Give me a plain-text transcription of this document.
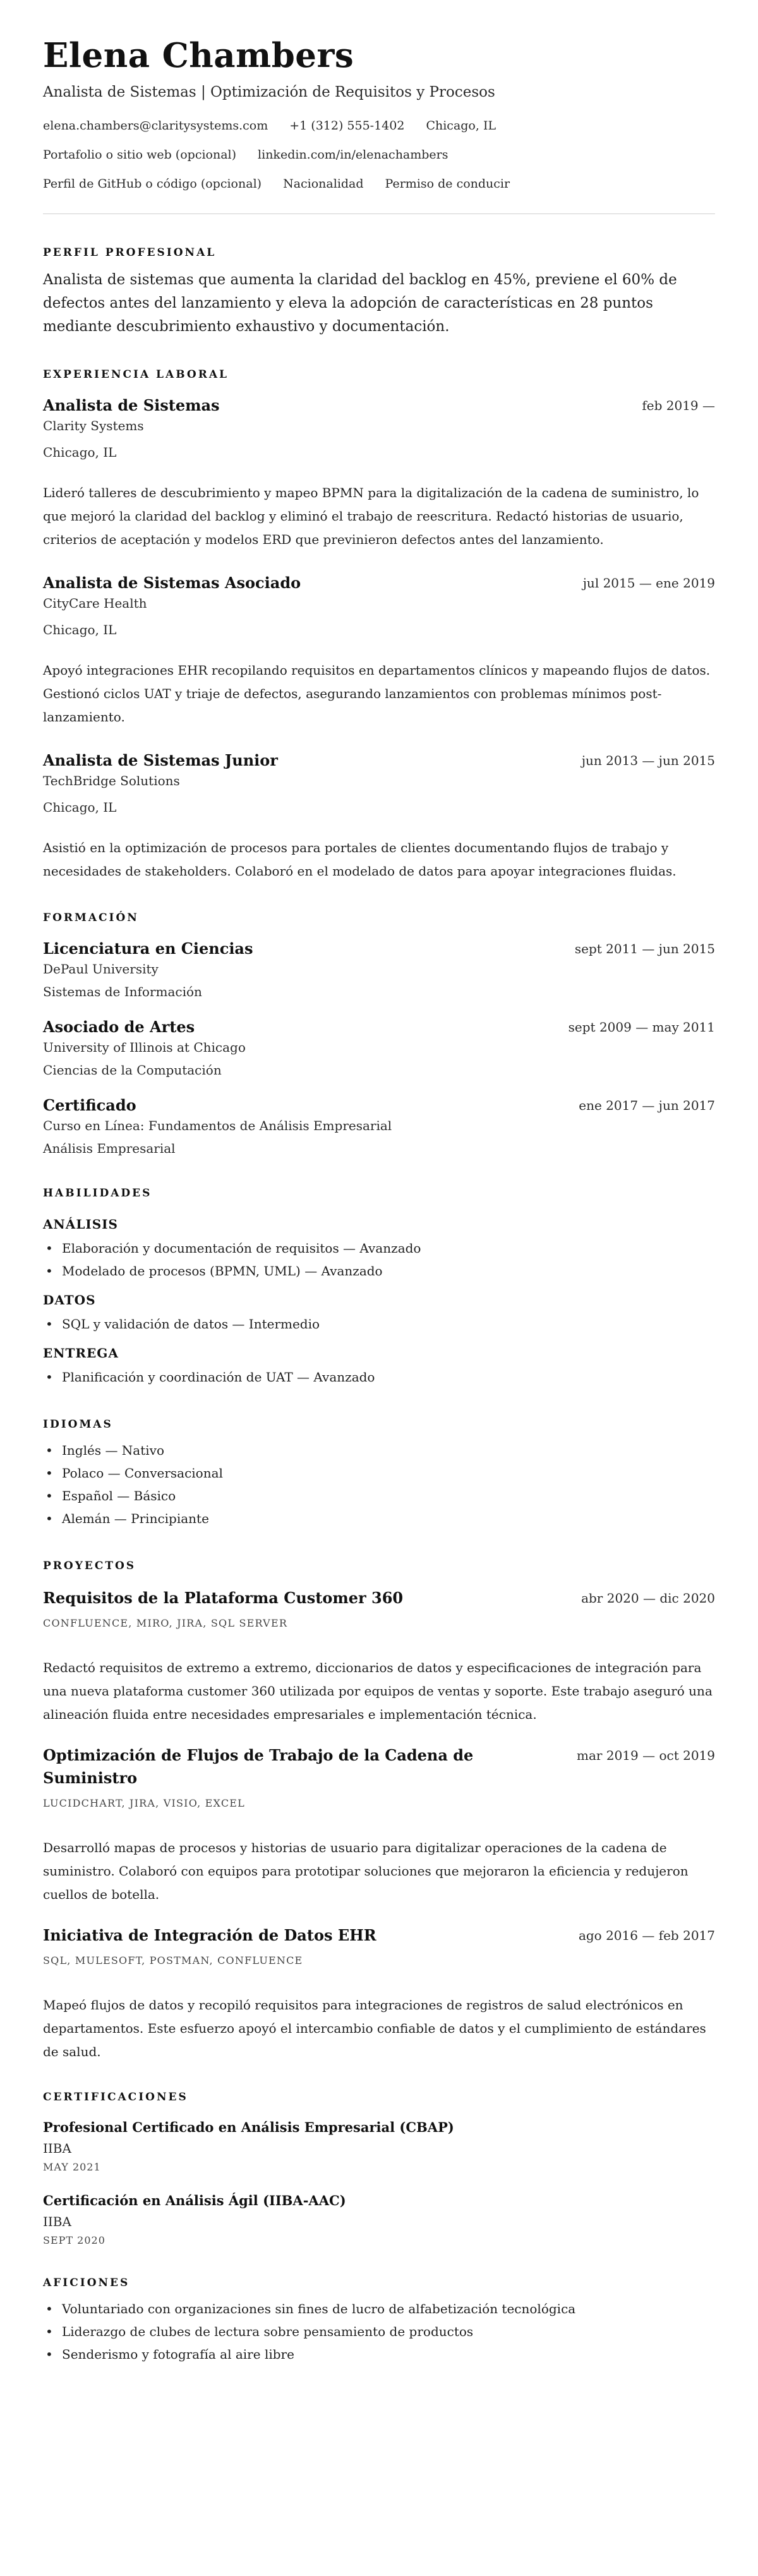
Elena Chambers
Analista de Sistemas | Optimización de Requisitos y Procesos
elena.chambers@claritysystems.com +1 (312) 555-1402 Chicago, IL
Portafolio o sitio web (opcional) linkedin.com/in/elenachambers
Perfil de GitHub o código (opcional) Nacionalidad Permiso de conducir
PERFIL PROFESIONAL

Analista de sistemas que aumenta la claridad del backlog en 45%, previene el 60% de defectos antes del lanzamiento y eleva la adopción de características en 28 puntos mediante descubrimiento exhaustivo y documentación.

EXPERIENCIA LABORAL
Analista de Sistemas	feb 2019 —
Clarity Systems
Chicago, IL

Lideró talleres de descubrimiento y mapeo BPMN para la digitalización de la cadena de suministro, lo que mejoró la claridad del backlog y eliminó el trabajo de reescritura. Redactó historias de usuario, criterios de aceptación y modelos ERD que previnieron defectos antes del lanzamiento.

Analista de Sistemas Asociado	jul 2015 — ene 2019
CityCare Health
Chicago, IL

Apoyó integraciones EHR recopilando requisitos en departamentos clínicos y mapeando flujos de datos. Gestionó ciclos UAT y triaje de defectos, asegurando lanzamientos con problemas mínimos post-lanzamiento.

Analista de Sistemas Junior	jun 2013 — jun 2015
TechBridge Solutions
Chicago, IL

Asistió en la optimización de procesos para portales de clientes documentando flujos de trabajo y necesidades de stakeholders. Colaboró en el modelado de datos para apoyar integraciones fluidas.

FORMACIÓN
Licenciatura en Ciencias	sept 2011 — jun 2015
DePaul University
Sistemas de Información
Asociado de Artes	sept 2009 — may 2011
University of Illinois at Chicago
Ciencias de la Computación
Certificado	ene 2017 — jun 2017
Curso en Línea: Fundamentos de Análisis Empresarial
Análisis Empresarial
HABILIDADES
ANÁLISIS
• Elaboración y documentación de requisitos — Avanzado
• Modelado de procesos (BPMN, UML) — Avanzado
DATOS
• SQL y validación de datos — Intermedio
ENTREGA
• Planificación y coordinación de UAT — Avanzado
IDIOMAS
• Inglés — Nativo
• Polaco — Conversacional
• Español — Básico
• Alemán — Principiante
PROYECTOS
Requisitos de la Plataforma Customer 360	abr 2020 — dic 2020
CONFLUENCE, MIRO, JIRA, SQL SERVER

Redactó requisitos de extremo a extremo, diccionarios de datos y especificaciones de integración para una nueva plataforma customer 360 utilizada por equipos de ventas y soporte. Este trabajo aseguró una alineación fluida entre necesidades empresariales e implementación técnica.

Optimización de Flujos de Trabajo de la Cadena de Suministro
mar 2019 — oct 2019
LUCIDCHART, JIRA, VISIO, EXCEL

Desarrolló mapas de procesos y historias de usuario para digitalizar operaciones de la cadena de suministro. Colaboró con equipos para prototipar soluciones que mejoraron la eficiencia y redujeron cuellos de botella.

Iniciativa de Integración de Datos EHR	ago 2016 — feb 2017
SQL, MULESOFT, POSTMAN, CONFLUENCE

Mapeó flujos de datos y recopiló requisitos para integraciones de registros de salud electrónicos en departamentos. Este esfuerzo apoyó el intercambio confiable de datos y el cumplimiento de estándares de salud.

CERTIFICACIONES
Profesional Certificado en Análisis Empresarial (CBAP)
IIBA
MAY 2021
Certificación en Análisis Ágil (IIBA-AAC)
IIBA
SEPT 2020
AFICIONES
• Voluntariado con organizaciones sin fines de lucro de alfabetización tecnológica
• Liderazgo de clubes de lectura sobre pensamiento de productos
• Senderismo y fotografía al aire libre
